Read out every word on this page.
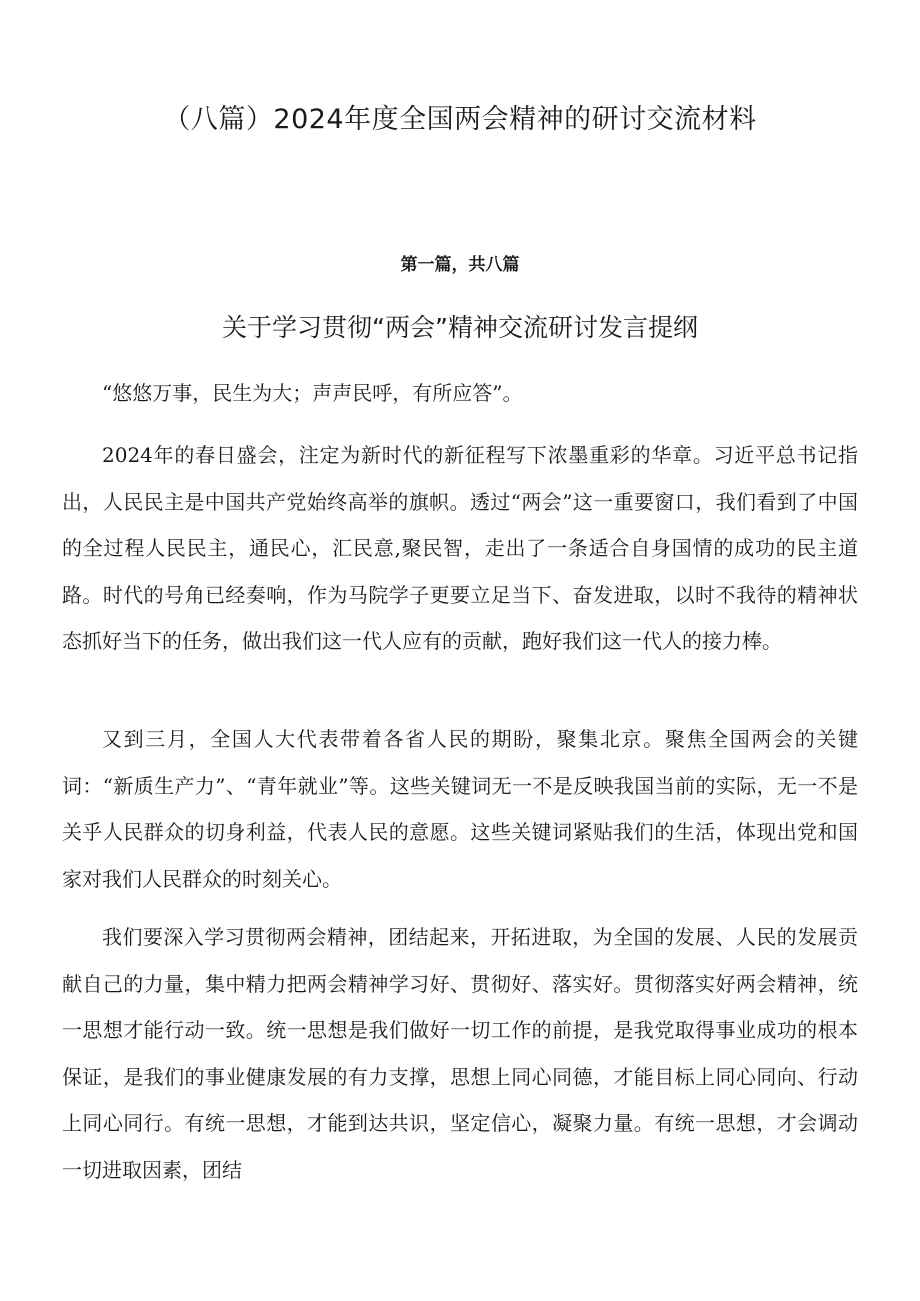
（八篇）2024年度全国两会精神的研讨交流材料
第一篇，共八篇
关于学习贯彻“两会”精神交流研讨发言提纲

“悠悠万事，民生为大；声声民呼，有所应答”。

2024年的春日盛会，注定为新时代的新征程写下浓墨重彩的华章。习近平总书记指出，人民民主是中国共产党始终高举的旗帜。透过“两会”这一重要窗口，我们看到了中国的全过程人民民主，通民心，汇民意,聚民智，走出了一条适合自身国情的成功的民主道路。时代的号角已经奏响，作为马院学子更要立足当下、奋发进取，以时不我待的精神状态抓好当下的任务，做出我们这一代人应有的贡献，跑好我们这一代人的接力棒。

又到三月，全国人大代表带着各省人民的期盼，聚集北京。聚焦全国两会的关键词：“新质生产力”、“青年就业”等。这些关键词无一不是反映我国当前的实际，无一不是关乎人民群众的切身利益，代表人民的意愿。这些关键词紧贴我们的生活，体现出党和国家对我们人民群众的时刻关心。

我们要深入学习贯彻两会精神，团结起来，开拓进取，为全国的发展、人民的发展贡献自己的力量，集中精力把两会精神学习好、贯彻好、落实好。贯彻落实好两会精神，统一思想才能行动一致。统一思想是我们做好一切工作的前提，是我党取得事业成功的根本保证，是我们的事业健康发展的有力支撑，思想上同心同德，才能目标上同心同向、行动上同心同行。有统一思想，才能到达共识，坚定信心，凝聚力量。有统一思想，才会调动一切进取因素，团结
